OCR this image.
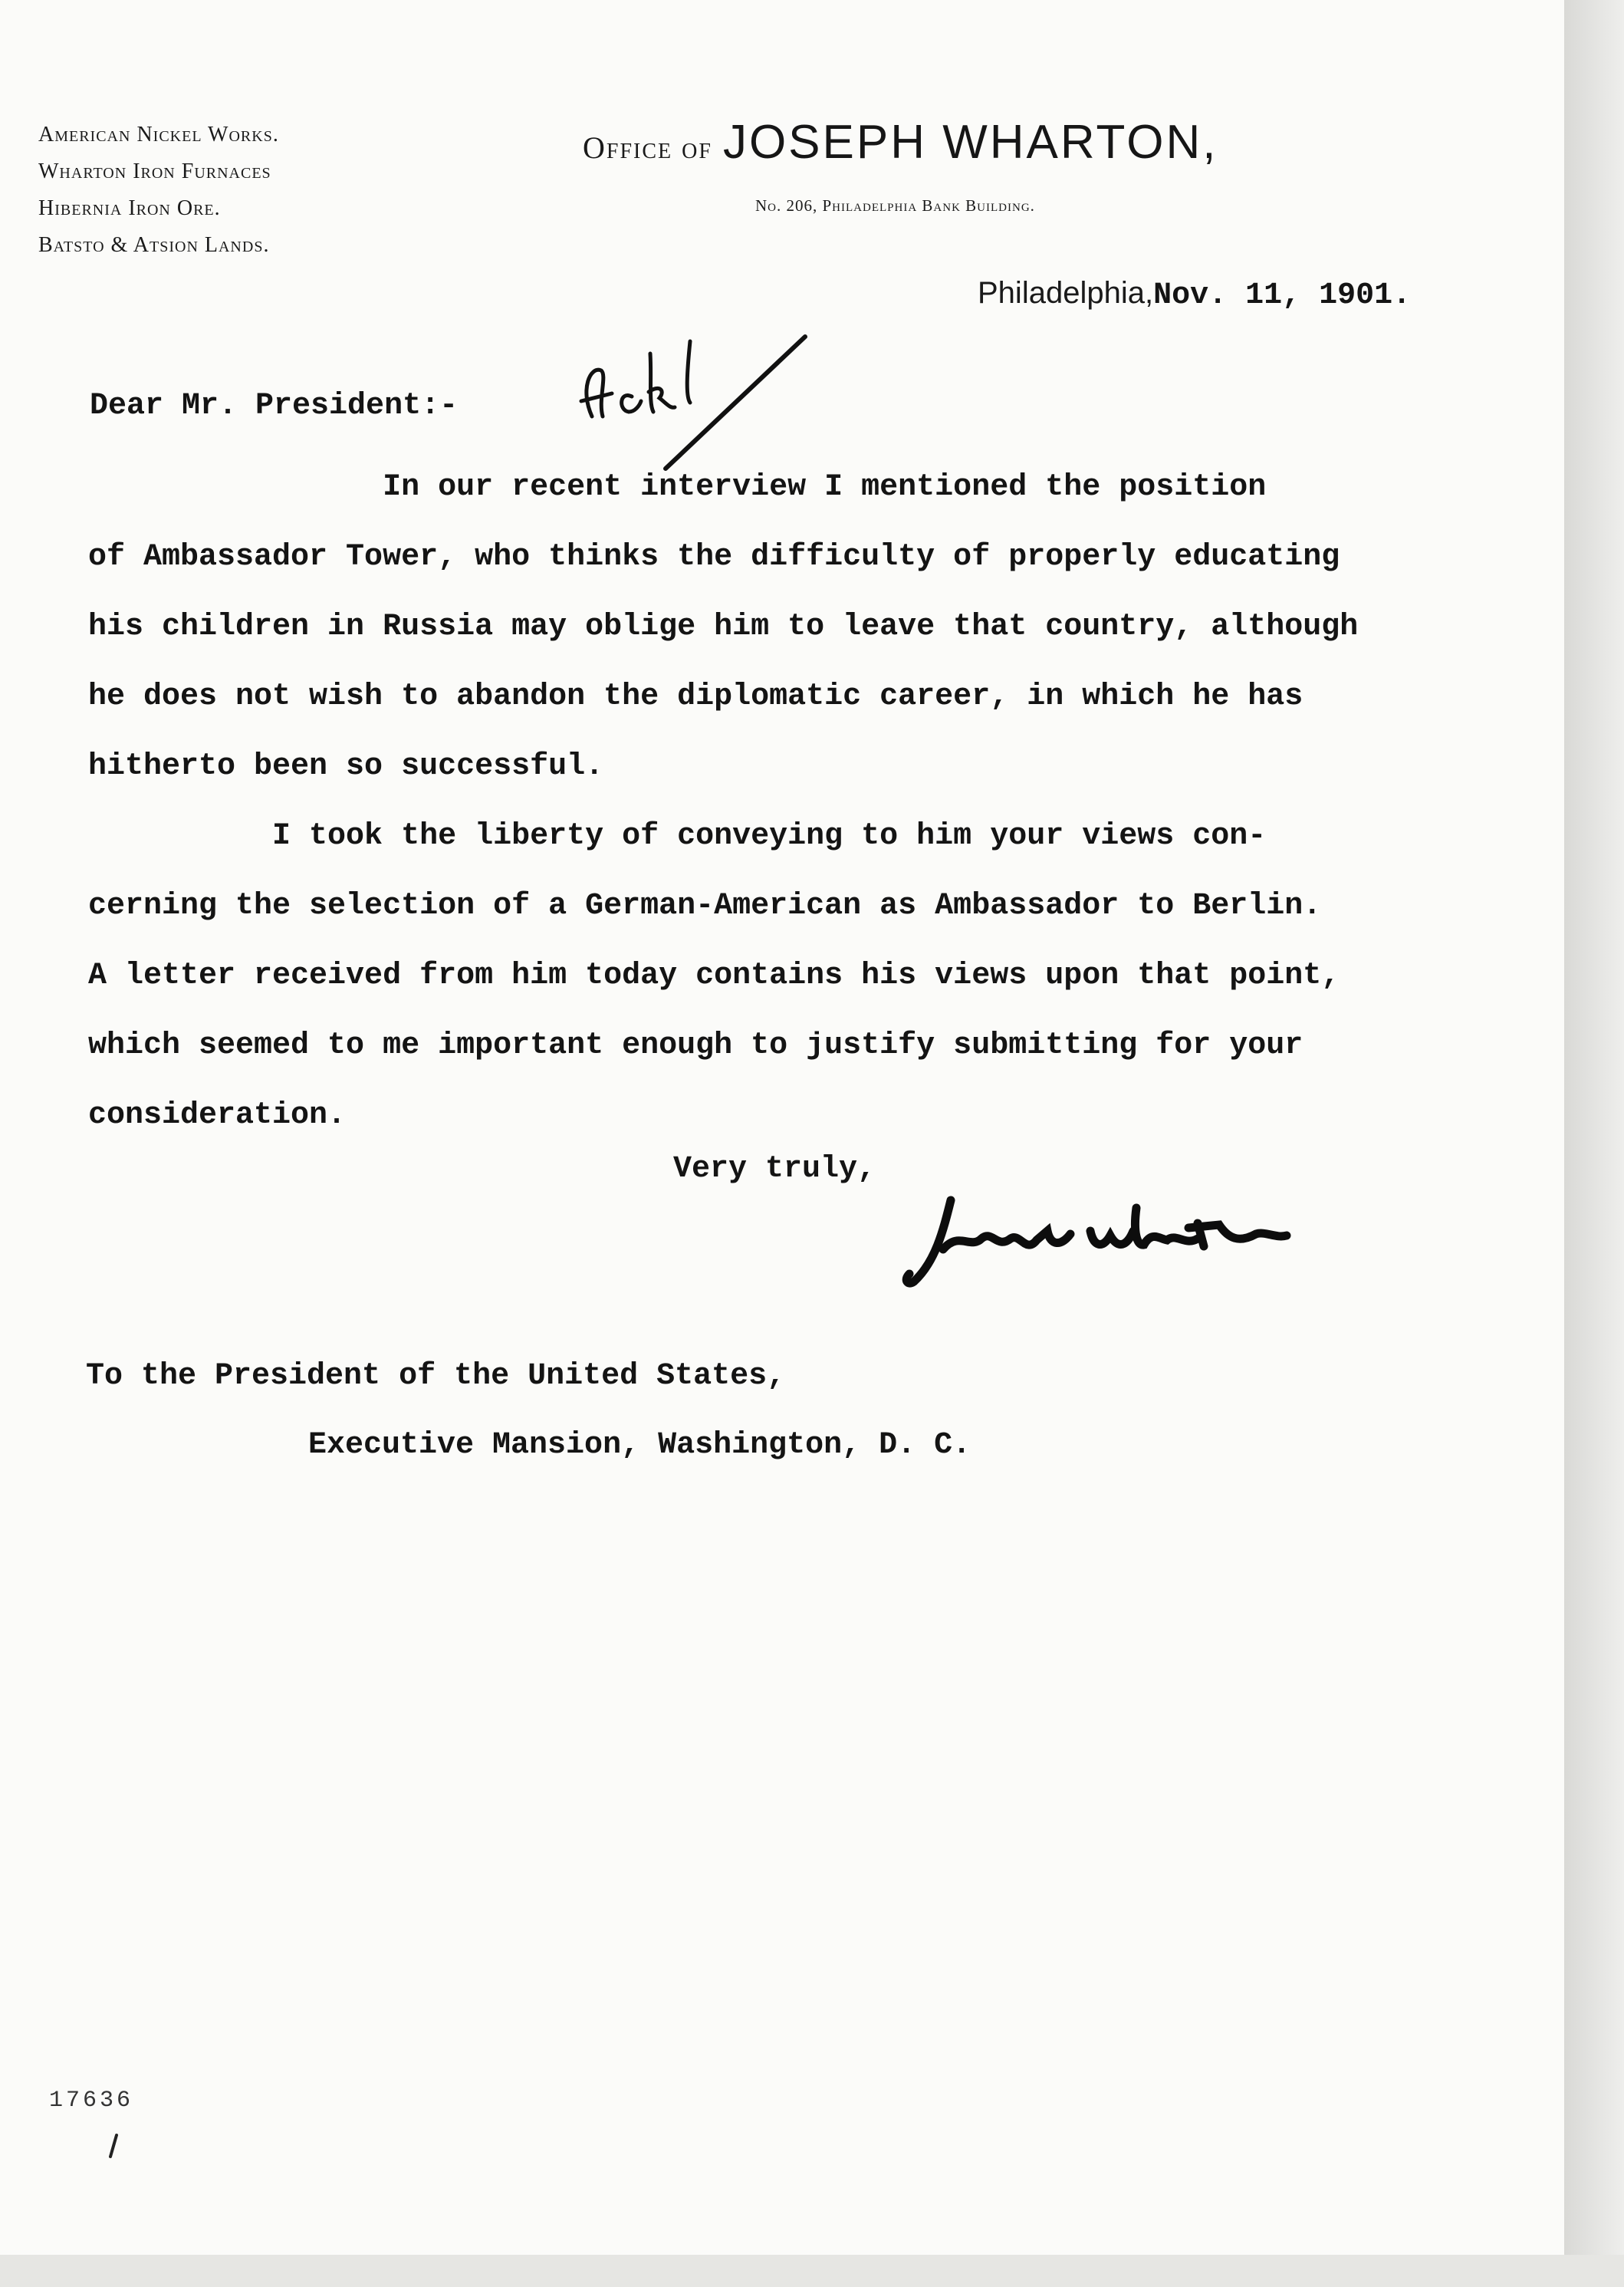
American Nickel Works.
Wharton Iron Furnaces
Hibernia Iron Ore.
Batsto & Atsion Lands.
Office of JOSEPH WHARTON,
No. 206, Philadelphia Bank Building.
Philadelphia,Nov. 11, 1901.
Dear Mr. President:-

In our recent interview I mentioned the position

of Ambassador Tower, who thinks the difficulty of properly educating

his children in Russia may oblige him to leave that country, although

he does not wish to abandon the diplomatic career, in which he has

hitherto been so successful.

I took the liberty of conveying to him your views con-

cerning the selection of a German-American as Ambassador to Berlin.

A letter received from him today contains his views upon that point,

which seemed to me important enough to justify submitting for your

consideration.

Very truly,
To the President of the United States,
Executive Mansion, Washington, D. C.
17636
